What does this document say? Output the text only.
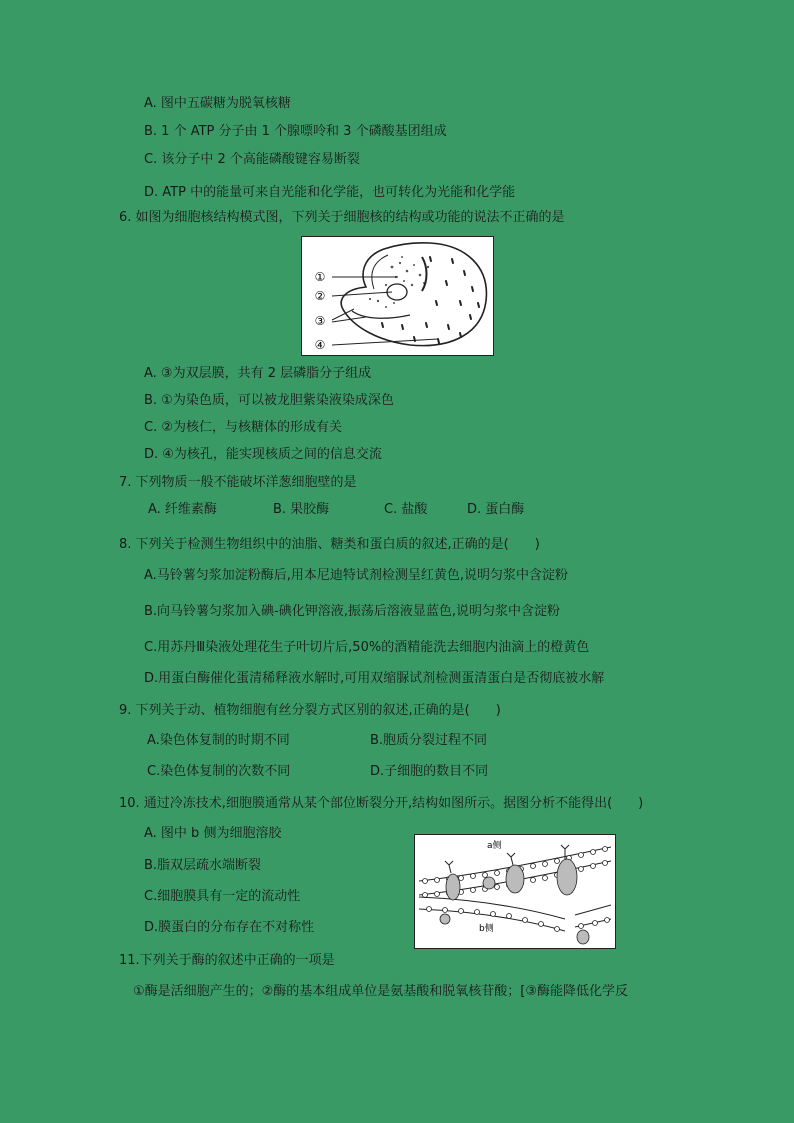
A. 图中五碳糖为脱氧核糖
B. 1 个 ATP 分子由 1 个腺嘌呤和 3 个磷酸基团组成
C. 该分子中 2 个高能磷酸键容易断裂
D. ATP 中的能量可来自光能和化学能，也可转化为光能和化学能
6. 如图为细胞核结构模式图，下列关于细胞核的结构或功能的说法不正确的是
①
②
③
④
A. ③为双层膜，共有 2 层磷脂分子组成
B. ①为染色质，可以被龙胆紫染液染成深色
C. ②为核仁，与核糖体的形成有关
D. ④为核孔，能实现核质之间的信息交流
7. 下列物质一般不能破坏洋葱细胞壁的是
A. 纤维素酶	B. 果胶酶	C. 盐酸	D. 蛋白酶
8. 下列关于检测生物组织中的油脂、糖类和蛋白质的叙述,正确的是(　　)
A.马铃薯匀浆加淀粉酶后,用本尼迪特试剂检测呈红黄色,说明匀浆中含淀粉
B.向马铃薯匀浆加入碘-碘化钾溶液,振荡后溶液显蓝色,说明匀浆中含淀粉
C.用苏丹Ⅲ染液处理花生子叶切片后,50%的酒精能洗去细胞内油滴上的橙黄色
D.用蛋白酶催化蛋清稀释液水解时,可用双缩脲试剂检测蛋清蛋白是否彻底被水解
9. 下列关于动、植物细胞有丝分裂方式区别的叙述,正确的是(　　)
A.染色体复制的时期不同	B.胞质分裂过程不同
C.染色体复制的次数不同	D.子细胞的数目不同
10. 通过冷冻技术,细胞膜通常从某个部位断裂分开,结构如图所示。据图分析不能得出(　　)
A. 图中 b 侧为细胞溶胶
B.脂双层疏水端断裂
C.细胞膜具有一定的流动性
D.膜蛋白的分布存在不对称性
a侧
b侧
11.下列关于酶的叙述中正确的一项是
①酶是活细胞产生的；②酶的基本组成单位是氨基酸和脱氧核苷酸；[③酶能降低化学反
